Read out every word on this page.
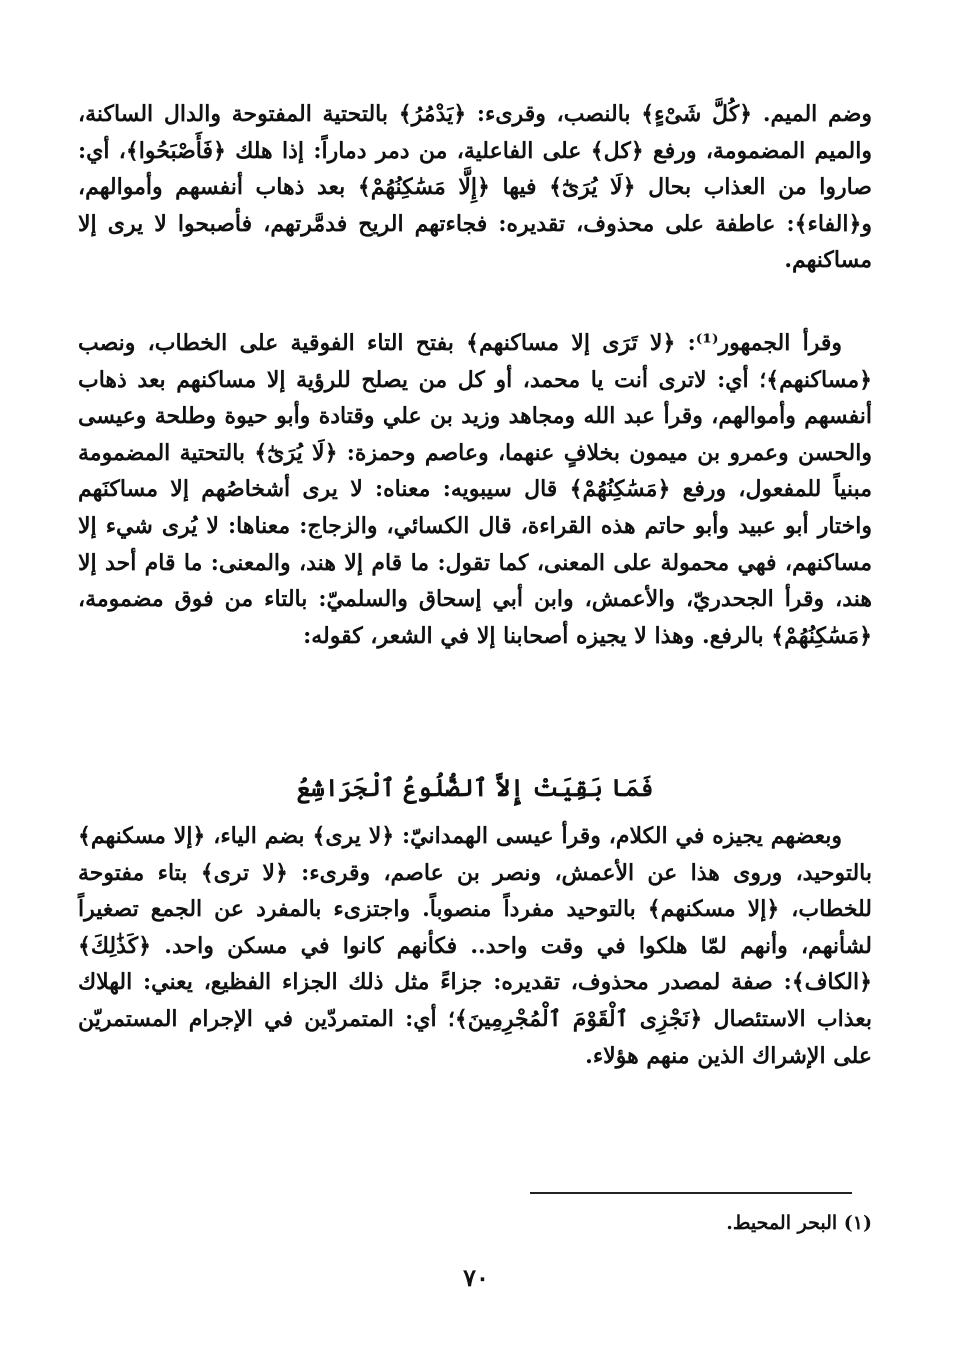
وضم الميم. ﴿كُلَّ شَىْءٍ﴾ بالنصب، وقرىء: ﴿يَدْمُرُ﴾ بالتحتية المفتوحة والدال الساكنة، والميم المضمومة، ورفع ﴿كل﴾ على الفاعلية، من دمر دماراً: إذا هلك ﴿فَأَصْبَحُوا﴾، أي: صاروا من العذاب بحال ﴿لَا يُرَىٰٓ﴾ فيها ﴿إِلَّا مَسَٰكِنُهُمْ﴾ بعد ذهاب أنفسهم وأموالهم، و﴿الفاء﴾: عاطفة على محذوف، تقديره: فجاءتهم الريح فدمَّرتهم، فأصبحوا لا يرى إلا مساكنهم.

وقرأ الجمهور⁽¹⁾: ﴿لا تَرَى إلا مساكنهم﴾ بفتح التاء الفوقية على الخطاب، ونصب ﴿مساكنهم﴾؛ أي: لاترى أنت يا محمد، أو كل من يصلح للرؤية إلا مساكنهم بعد ذهاب أنفسهم وأموالهم، وقرأ عبد الله ومجاهد وزيد بن علي وقتادة وأبو حيوة وطلحة وعيسى والحسن وعمرو بن ميمون بخلافٍ عنهما، وعاصم وحمزة: ﴿لَا يُرَىٰٓ﴾ بالتحتية المضمومة مبنياً للمفعول، ورفع ﴿مَسَٰكِنُهُمْ﴾ قال سيبويه: معناه: لا يرى أشخاصُهم إلا مساكنَهم واختار أبو عبيد وأبو حاتم هذه القراءة، قال الكسائي، والزجاج: معناها: لا يُرى شيء إلا مساكنهم، فهي محمولة على المعنى، كما تقول: ما قام إلا هند، والمعنى: ما قام أحد إلا هند، وقرأ الجحدريّ، والأعمش، وابن أبي إسحاق والسلميّ: بالتاء من فوق مضمومة، ﴿مَسَٰكِنُهُمْ﴾ بالرفع. وهذا لا يجيزه أصحابنا إلا في الشعر، كقوله:

فَمَا بَقِيَتْ إِلاَّ ٱلضُّلُوعُ ٱلْجَرَاشِعُ

وبعضهم يجيزه في الكلام، وقرأ عيسى الهمدانيّ: ﴿لا يرى﴾ بضم الياء، ﴿إلا مسكنهم﴾ بالتوحيد، وروى هذا عن الأعمش، ونصر بن عاصم، وقرىء: ﴿لا ترى﴾ بتاء مفتوحة للخطاب، ﴿إلا مسكنهم﴾ بالتوحيد مفرداً منصوباً. واجتزىء بالمفرد عن الجمع تصغيراً لشأنهم، وأنهم لمّا هلكوا في وقت واحد.. فكأنهم كانوا في مسكن واحد. ﴿كَذَٰلِكَ﴾ ﴿الكاف﴾: صفة لمصدر محذوف، تقديره: جزاءً مثل ذلك الجزاء الفظيع، يعني: الهلاك بعذاب الاستئصال ﴿نَجْزِى ٱلْقَوْمَ ٱلْمُجْرِمِينَ﴾؛ أي: المتمردّين في الإجرام المستمريّن على الإشراك الذين منهم هؤلاء.

(١) البحر المحيط.
٧٠
